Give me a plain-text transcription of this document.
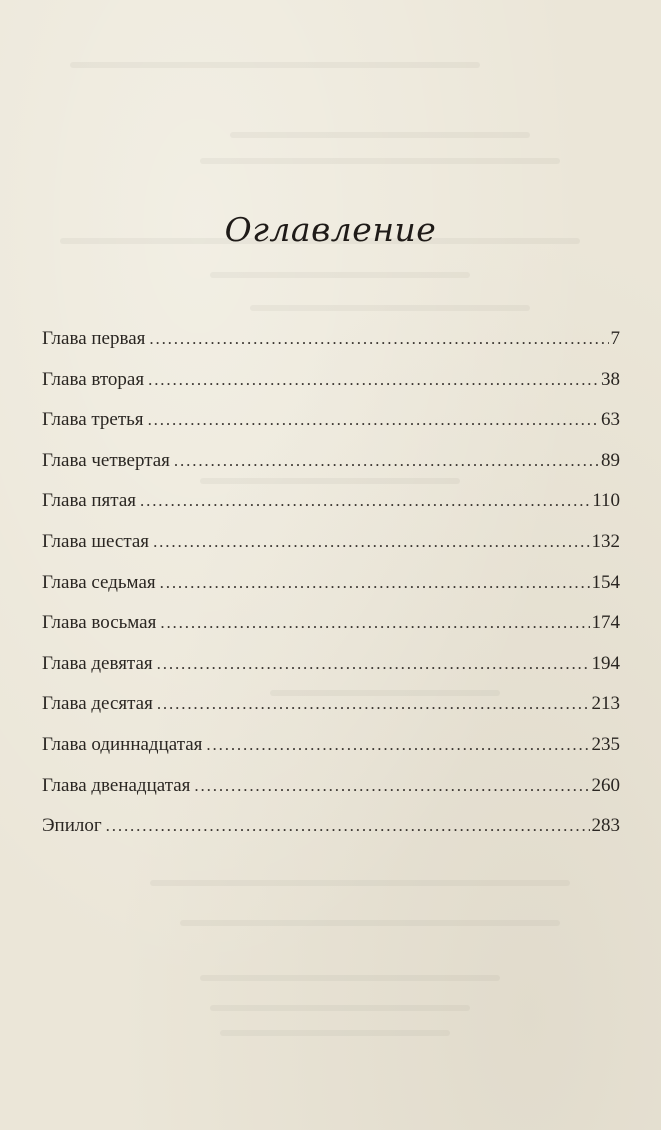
Оглавление
Глава первая . . .	7
Глава вторая . . .	38
Глава третья . . .	63
Глава четвертая . . .	89
Глава пятая . . .	110
Глава шестая . . .	132
Глава седьмая . . .	154
Глава восьмая . . .	174
Глава девятая . . .	194
Глава десятая . . .	213
Глава одиннадцатая . . .	235
Глава двенадцатая . . .	260
Эпилог . . .	283
